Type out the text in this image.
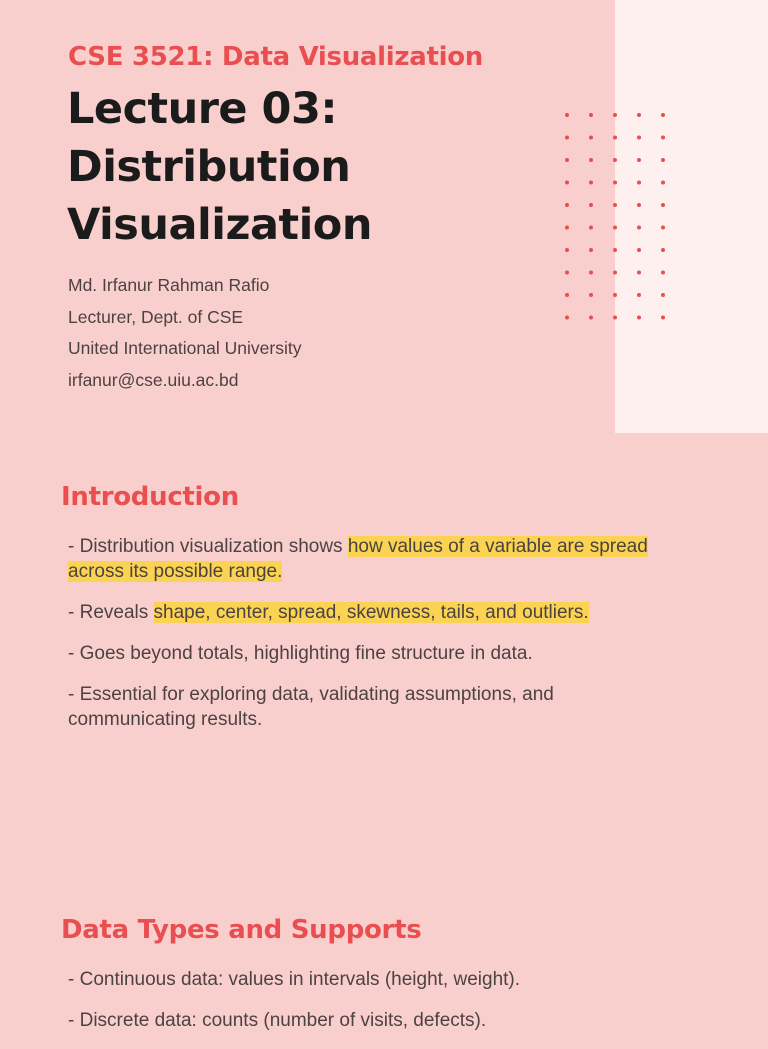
CSE 3521: Data Visualization
Lecture 03:
Distribution
Visualization
Md. Irfanur Rahman Rafio
Lecturer, Dept. of CSE
United International University
irfanur@cse.uiu.ac.bd
Introduction
- Distribution visualization shows how values of a variable are spread across its possible range.
- Reveals shape, center, spread, skewness, tails, and outliers.
- Goes beyond totals, highlighting fine structure in data.
- Essential for exploring data, validating assumptions, and communicating results.
Data Types and Supports
- Continuous data: values in intervals (height, weight).
- Discrete data: counts (number of visits, defects).
